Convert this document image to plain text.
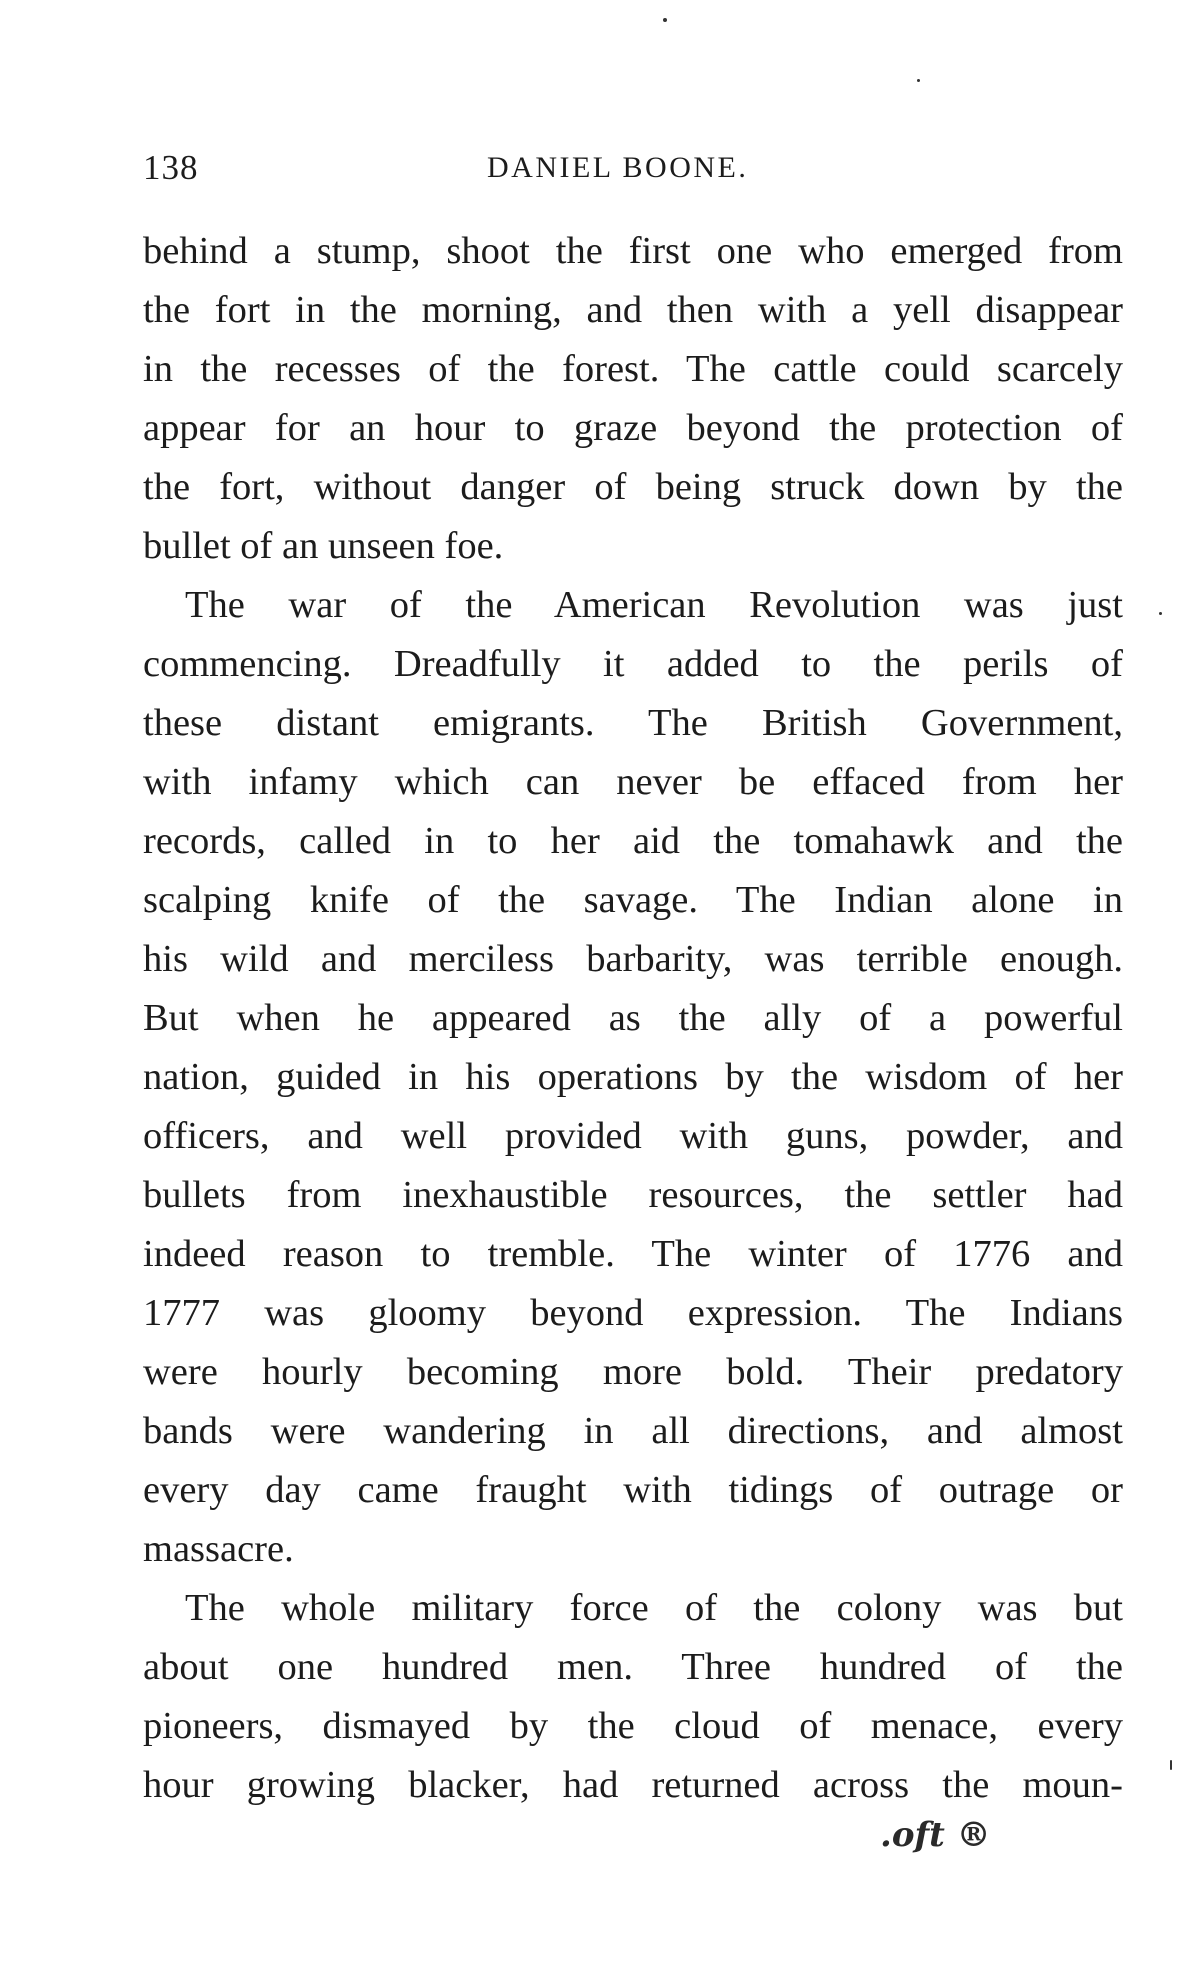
138	DANIEL BOONE.
behind a stump, shoot the first one who emerged from
the fort in the morning, and then with a yell disappear
in the recesses of the forest. The cattle could scarcely
appear for an hour to graze beyond the protection of
the fort, without danger of being struck down by the
bullet of an unseen foe.
The war of the American Revolution was just
commencing. Dreadfully it added to the perils of
these distant emigrants. The British Government,
with infamy which can never be effaced from her
records, called in to her aid the tomahawk and the
scalping knife of the savage. The Indian alone in
his wild and merciless barbarity, was terrible enough.
But when he appeared as the ally of a powerful
nation, guided in his operations by the wisdom of her
officers, and well provided with guns, powder, and
bullets from inexhaustible resources, the settler had
indeed reason to tremble. The winter of 1776 and
1777 was gloomy beyond expression. The Indians
were hourly becoming more bold. Their predatory
bands were wandering in all directions, and almost
every day came fraught with tidings of outrage or
massacre.
The whole military force of the colony was but
about one hundred men. Three hundred of the
pioneers, dismayed by the cloud of menace, every
hour growing blacker, had returned across the moun-
.oft ®
